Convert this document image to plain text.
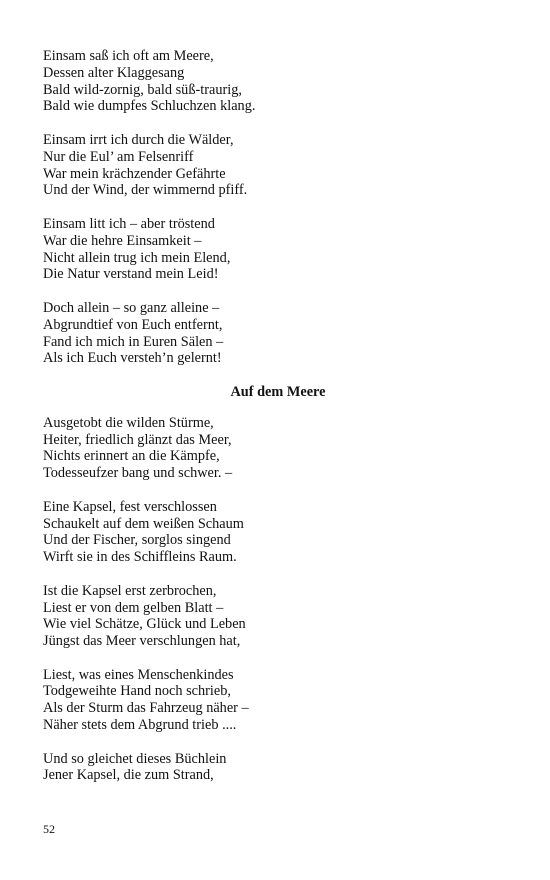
Einsam saß ich oft am Meere,
Dessen alter Klaggesang
Bald wild-zornig, bald süß-traurig,
Bald wie dumpfes Schluchzen klang.
Einsam irrt ich durch die Wälder,
Nur die Eul’ am Felsenriff
War mein krächzender Gefährte
Und der Wind, der wimmernd pfiff.
Einsam litt ich – aber tröstend
War die hehre Einsamkeit –
Nicht allein trug ich mein Elend,
Die Natur verstand mein Leid!
Doch allein – so ganz alleine –
Abgrundtief von Euch entfernt,
Fand ich mich in Euren Sälen –
Als ich Euch versteh’n gelernt!
Auf dem Meere
Ausgetobt die wilden Stürme,
Heiter, friedlich glänzt das Meer,
Nichts erinnert an die Kämpfe,
Todesseufzer bang und schwer. –
Eine Kapsel, fest verschlossen
Schaukelt auf dem weißen Schaum
Und der Fischer, sorglos singend
Wirft sie in des Schiffleins Raum.
Ist die Kapsel erst zerbrochen,
Liest er von dem gelben Blatt –
Wie viel Schätze, Glück und Leben
Jüngst das Meer verschlungen hat,
Liest, was eines Menschenkindes
Todgeweihte Hand noch schrieb,
Als der Sturm das Fahrzeug näher –
Näher stets dem Abgrund trieb ....
Und so gleichet dieses Büchlein
Jener Kapsel, die zum Strand,
52
